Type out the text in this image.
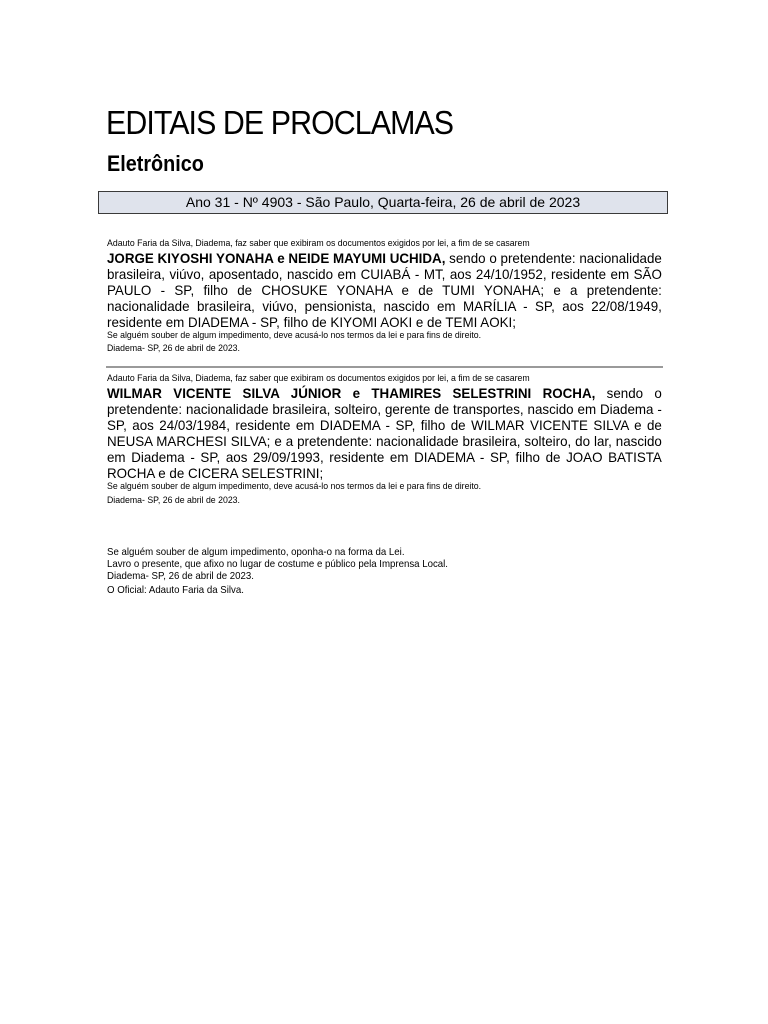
EDITAIS DE PROCLAMAS
Eletrônico
Ano 31 - Nº 4903 - São Paulo, Quarta-feira, 26 de abril de 2023
Adauto Faria da Silva, Diadema, faz saber que exibiram os documentos exigidos por lei, a fim de se casarem
JORGE KIYOSHI YONAHA e NEIDE MAYUMI UCHIDA, sendo o pretendente: nacionalidade brasileira, viúvo, aposentado, nascido em CUIABÁ - MT, aos 24/10/1952, residente em SÃO PAULO - SP, filho de CHOSUKE YONAHA e de TUMI YONAHA; e a pretendente: nacionalidade brasileira, viúvo, pensionista, nascido em MARÍLIA - SP, aos 22/08/1949, residente em DIADEMA - SP, filho de KIYOMI AOKI e de TEMI AOKI;
Se alguém souber de algum impedimento, deve acusá-lo nos termos da lei e para fins de direito.
Diadema- SP, 26 de abril de 2023.
Adauto Faria da Silva, Diadema, faz saber que exibiram os documentos exigidos por lei, a fim de se casarem
WILMAR VICENTE SILVA JÚNIOR e THAMIRES SELESTRINI ROCHA, sendo o pretendente: nacionalidade brasileira, solteiro, gerente de transportes, nascido em Diadema - SP, aos 24/03/1984, residente em DIADEMA - SP, filho de WILMAR VICENTE SILVA e de NEUSA MARCHESI SILVA; e a pretendente: nacionalidade brasileira, solteiro, do lar, nascido em Diadema - SP, aos 29/09/1993, residente em DIADEMA - SP, filho de JOAO BATISTA ROCHA e de CICERA SELESTRINI;
Se alguém souber de algum impedimento, deve acusá-lo nos termos da lei e para fins de direito.
Diadema- SP, 26 de abril de 2023.
Se alguém souber de algum impedimento, oponha-o na forma da Lei.
Lavro o presente, que afixo no lugar de costume e público pela Imprensa Local.
Diadema- SP, 26 de abril de 2023.
O Oficial: Adauto Faria da Silva.
